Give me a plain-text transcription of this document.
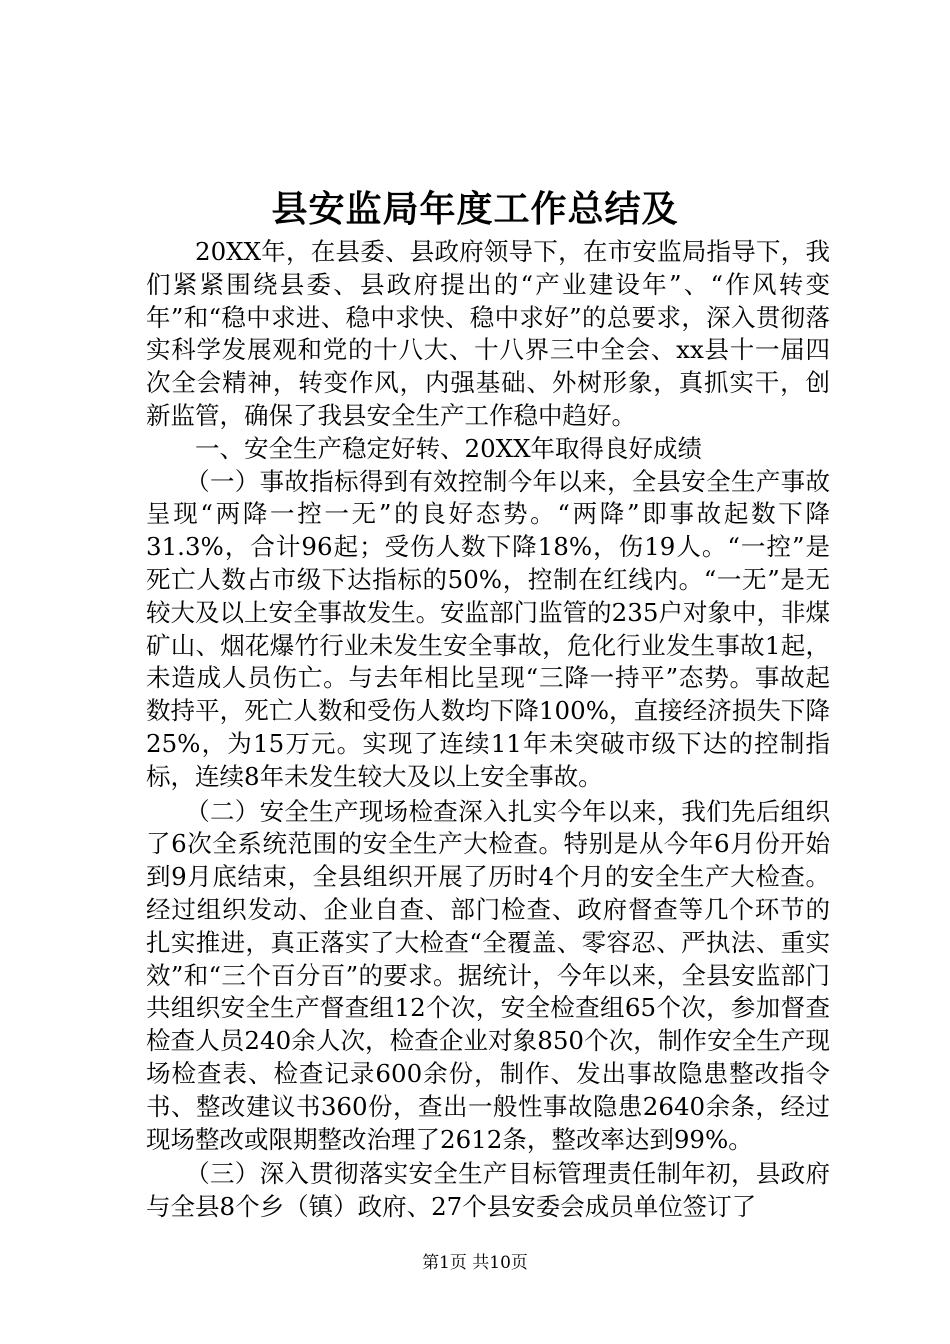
县安监局年度工作总结及

20XX年，在县委、县政府领导下，在市安监局指导下，我们紧紧围绕县委、县政府提出的“产业建设年”、“作风转变年”和“稳中求进、稳中求快、稳中求好”的总要求，深入贯彻落实科学发展观和党的十八大、十八界三中全会、xx县十一届四次全会精神，转变作风，内强基础、外树形象，真抓实干，创新监管，确保了我县安全生产工作稳中趋好。

一、安全生产稳定好转、20XX年取得良好成绩

（一）事故指标得到有效控制今年以来，全县安全生产事故呈现“两降一控一无”的良好态势。“两降”即事故起数下降31.3%，合计96起；受伤人数下降18%，伤19人。“一控”是死亡人数占市级下达指标的50%，控制在红线内。“一无”是无较大及以上安全事故发生。安监部门监管的235户对象中，非煤矿山、烟花爆竹行业未发生安全事故，危化行业发生事故1起，未造成人员伤亡。与去年相比呈现“三降一持平”态势。事故起数持平，死亡人数和受伤人数均下降100%，直接经济损失下降25%，为15万元。实现了连续11年未突破市级下达的控制指标，连续8年未发生较大及以上安全事故。

（二）安全生产现场检查深入扎实今年以来，我们先后组织了6次全系统范围的安全生产大检查。特别是从今年6月份开始到9月底结束，全县组织开展了历时4个月的安全生产大检查。经过组织发动、企业自查、部门检查、政府督查等几个环节的扎实推进，真正落实了大检查“全覆盖、零容忍、严执法、重实效”和“三个百分百”的要求。据统计，今年以来，全县安监部门共组织安全生产督查组12个次，安全检查组65个次，参加督查检查人员240余人次，检查企业对象850个次，制作安全生产现场检查表、检查记录600余份，制作、发出事故隐患整改指令书、整改建议书360份，查出一般性事故隐患2640余条，经过现场整改或限期整改治理了2612条，整改率达到99%。

（三）深入贯彻落实安全生产目标管理责任制年初，县政府与全县8个乡（镇）政府、27个县安委会成员单位签订了

第1页 共10页
